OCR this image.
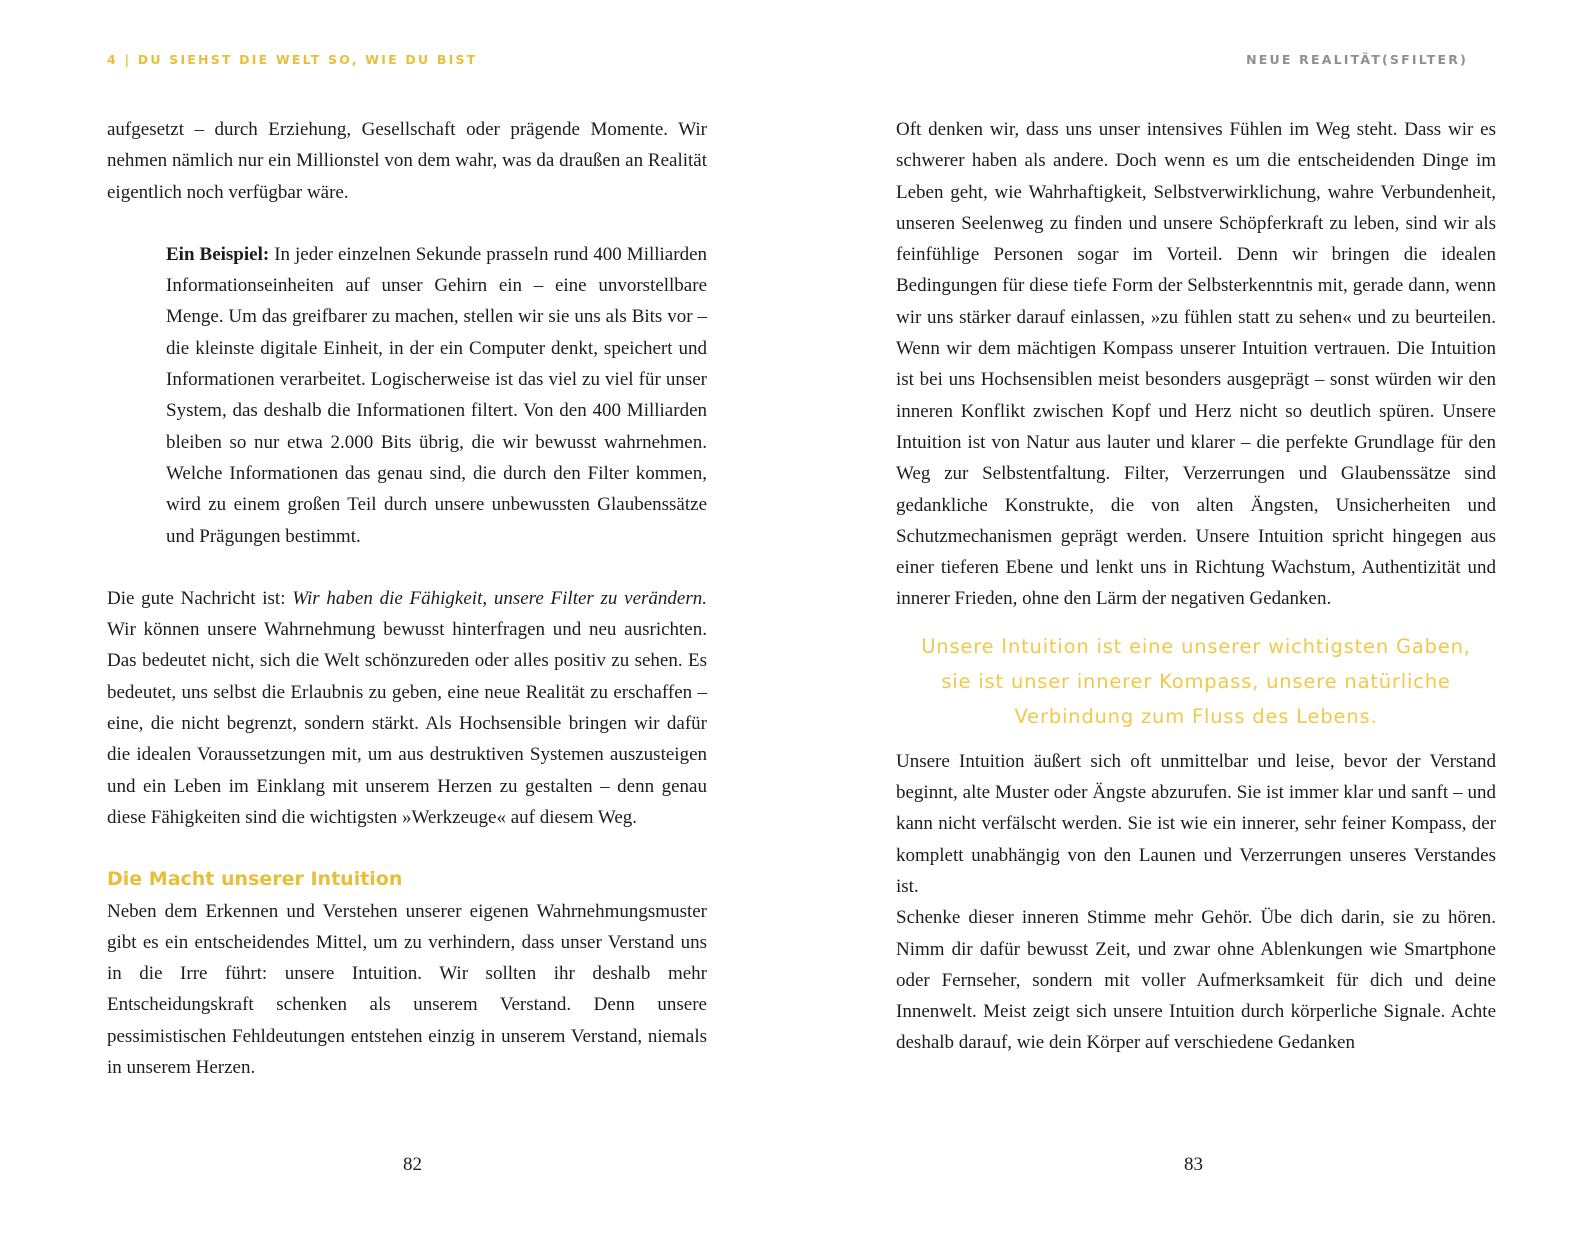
4 | DU SIEHST DIE WELT SO, WIE DU BIST	NEUE REALITÄT(SFILTER)

aufgesetzt – durch Erziehung, Gesellschaft oder prägende Momente. Wir nehmen nämlich nur ein Millionstel von dem wahr, was da draußen an Realität eigentlich noch verfügbar wäre.

Ein Beispiel: In jeder einzelnen Sekunde prasseln rund 400 Milliarden Informationseinheiten auf unser Gehirn ein – eine unvorstellbare Menge. Um das greifbarer zu machen, stellen wir sie uns als Bits vor – die kleinste digitale Einheit, in der ein Computer denkt, speichert und Informationen verarbeitet. Logischerweise ist das viel zu viel für unser System, das deshalb die Informationen filtert. Von den 400 Milliarden bleiben so nur etwa 2.000 Bits übrig, die wir bewusst wahrnehmen. Welche Informationen das genau sind, die durch den Filter kommen, wird zu einem großen Teil durch unsere unbewussten Glaubenssätze und Prägungen bestimmt.

Die gute Nachricht ist: Wir haben die Fähigkeit, unsere Filter zu verändern. Wir können unsere Wahrnehmung bewusst hinterfragen und neu ausrichten. Das bedeutet nicht, sich die Welt schönzureden oder alles positiv zu sehen. Es bedeutet, uns selbst die Erlaubnis zu geben, eine neue Realität zu erschaffen – eine, die nicht begrenzt, sondern stärkt. Als Hochsensible bringen wir dafür die idealen Voraussetzungen mit, um aus destruktiven Systemen auszusteigen und ein Leben im Einklang mit unserem Herzen zu gestalten – denn genau diese Fähigkeiten sind die wichtigsten »Werkzeuge« auf diesem Weg.

Die Macht unserer Intuition

Neben dem Erkennen und Verstehen unserer eigenen Wahrnehmungsmuster gibt es ein entscheidendes Mittel, um zu verhindern, dass unser Verstand uns in die Irre führt: unsere Intuition. Wir sollten ihr deshalb mehr Entscheidungskraft schenken als unserem Verstand. Denn unsere pessimistischen Fehldeutungen entstehen einzig in unserem Verstand, niemals in unserem Herzen.

Oft denken wir, dass uns unser intensives Fühlen im Weg steht. Dass wir es schwerer haben als andere. Doch wenn es um die entscheidenden Dinge im Leben geht, wie Wahrhaftigkeit, Selbstverwirklichung, wahre Verbundenheit, unseren Seelenweg zu finden und unsere Schöpferkraft zu leben, sind wir als feinfühlige Personen sogar im Vorteil. Denn wir bringen die idealen Bedingungen für diese tiefe Form der Selbsterkenntnis mit, gerade dann, wenn wir uns stärker darauf einlassen, »zu fühlen statt zu sehen« und zu beurteilen. Wenn wir dem mächtigen Kompass unserer Intuition vertrauen. Die Intuition ist bei uns Hochsensiblen meist besonders ausgeprägt – sonst würden wir den inneren Konflikt zwischen Kopf und Herz nicht so deutlich spüren. Unsere Intuition ist von Natur aus lauter und klarer – die perfekte Grundlage für den Weg zur Selbstentfaltung. Filter, Verzerrungen und Glaubenssätze sind gedankliche Konstrukte, die von alten Ängsten, Unsicherheiten und Schutzmechanismen geprägt werden. Unsere Intuition spricht hingegen aus einer tieferen Ebene und lenkt uns in Richtung Wachstum, Authentizität und innerer Frieden, ohne den Lärm der negativen Gedanken.

Unsere Intuition ist eine unserer wichtigsten Gaben,
sie ist unser innerer Kompass, unsere natürliche
Verbindung zum Fluss des Lebens.

Unsere Intuition äußert sich oft unmittelbar und leise, bevor der Verstand beginnt, alte Muster oder Ängste abzurufen. Sie ist immer klar und sanft – und kann nicht verfälscht werden. Sie ist wie ein innerer, sehr feiner Kompass, der komplett unabhängig von den Launen und Verzerrungen unseres Verstandes ist.

Schenke dieser inneren Stimme mehr Gehör. Übe dich darin, sie zu hören. Nimm dir dafür bewusst Zeit, und zwar ohne Ablenkungen wie Smartphone oder Fernseher, sondern mit voller Aufmerksamkeit für dich und deine Innenwelt. Meist zeigt sich unsere Intuition durch körperliche Signale. Achte deshalb darauf, wie dein Körper auf verschiedene Gedanken

82	83
